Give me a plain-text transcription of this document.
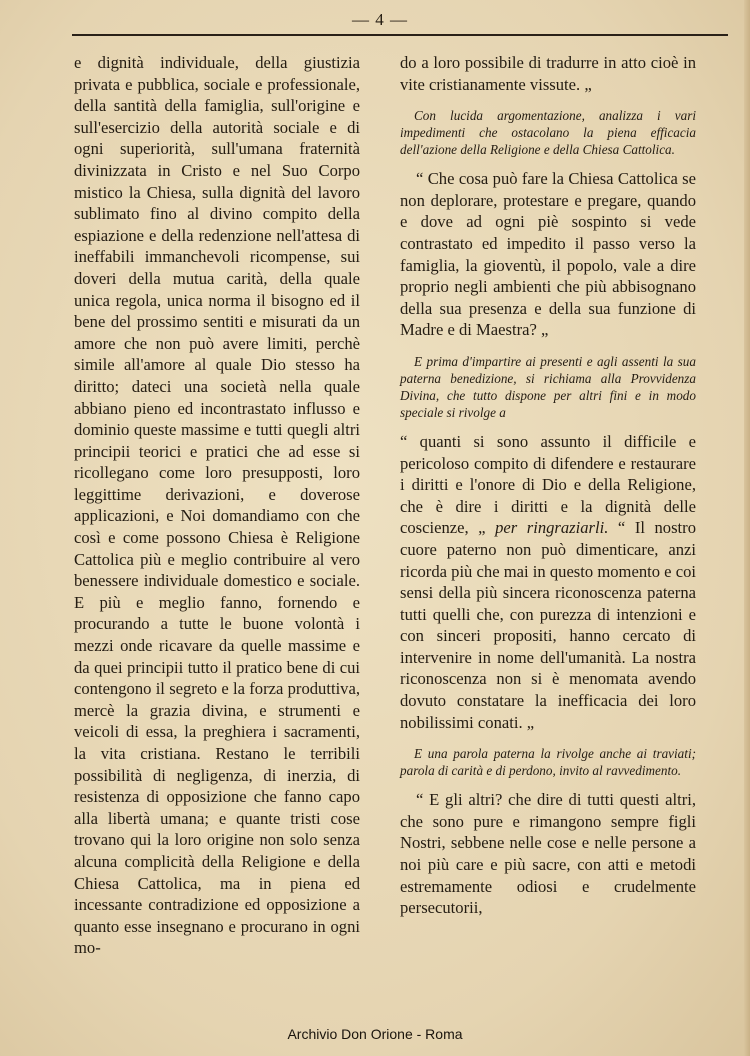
— 4 —

e dignità individuale, della giustizia privata e pubblica, sociale e professionale, della santità della famiglia, sull'origine e sull'esercizio della autorità sociale e di ogni superiorità, sull'umana fraternità divinizzata in Cristo e nel Suo Corpo mistico la Chiesa, sulla dignità del lavoro sublimato fino al divino compito della espiazione e della redenzione nell'attesa di ineffabili immanchevoli ricompense, sui doveri della mutua carità, della quale unica regola, unica norma il bisogno ed il bene del prossimo sentiti e misurati da un amore che non può avere limiti, perchè simile all'amore al quale Dio stesso ha diritto; dateci una società nella quale abbiano pieno ed incontrastato influsso e dominio queste massime e tutti quegli altri principii teorici e pratici che ad esse si ricollegano come loro presupposti, loro leggittime derivazioni, e doverose applicazioni, e Noi domandiamo con che così e come possono Chiesa è Religione Cattolica più e meglio contribuire al vero benessere individuale domestico e sociale. E più e meglio fanno, fornendo e procurando a tutte le buone volontà i mezzi onde ricavare da quelle massime e da quei principii tutto il pratico bene di cui contengono il segreto e la forza produttiva, mercè la grazia divina, e strumenti e veicoli di essa, la preghiera i sacramenti, la vita cristiana. Restano le terribili possibilità di negligenza, di inerzia, di resistenza di opposizione che fanno capo alla libertà umana; e quante tristi cose trovano qui la loro origine non solo senza alcuna complicità della Religione e della Chiesa Cattolica, ma in piena ed incessante contradizione ed opposizione a quanto esse insegnano e procurano in ogni mo-

do a loro possibile di tradurre in atto cioè in vite cristianamente vissute. „

Con lucida argomentazione, analizza i vari impedimenti che ostacolano la piena efficacia dell'azione della Religione e della Chiesa Cattolica.

“ Che cosa può fare la Chiesa Cattolica se non deplorare, protestare e pregare, quando e dove ad ogni piè sospinto si vede contrastato ed impedito il passo verso la famiglia, la gioventù, il popolo, vale a dire proprio negli ambienti che più abbisognano della sua presenza e della sua funzione di Madre e di Maestra? „

E prima d'impartire ai presenti e agli assenti la sua paterna benedizione, si richiama alla Provvidenza Divina, che tutto dispone per altri fini e in modo speciale si rivolge a

“ quanti si sono assunto il difficile e pericoloso compito di difendere e restaurare i diritti e l'onore di Dio e della Religione, che è dire i diritti e la dignità delle coscienze, „ per ringraziarli. “ Il nostro cuore paterno non può dimenticare, anzi ricorda più che mai in questo momento e coi sensi della più sincera riconoscenza paterna tutti quelli che, con purezza di intenzioni e con sinceri propositi, hanno cercato di intervenire in nome dell'umanità. La nostra riconoscenza non si è menomata avendo dovuto constatare la inefficacia dei loro nobilissimi conati. „

E una parola paterna la rivolge anche ai traviati; parola di carità e di perdono, invito al ravvedimento.

“ E gli altri? che dire di tutti questi altri, che sono pure e rimangono sempre figli Nostri, sebbene nelle cose e nelle persone a noi più care e più sacre, con atti e metodi estremamente odiosi e crudelmente persecutorii,

Archivio Don Orione - Roma
